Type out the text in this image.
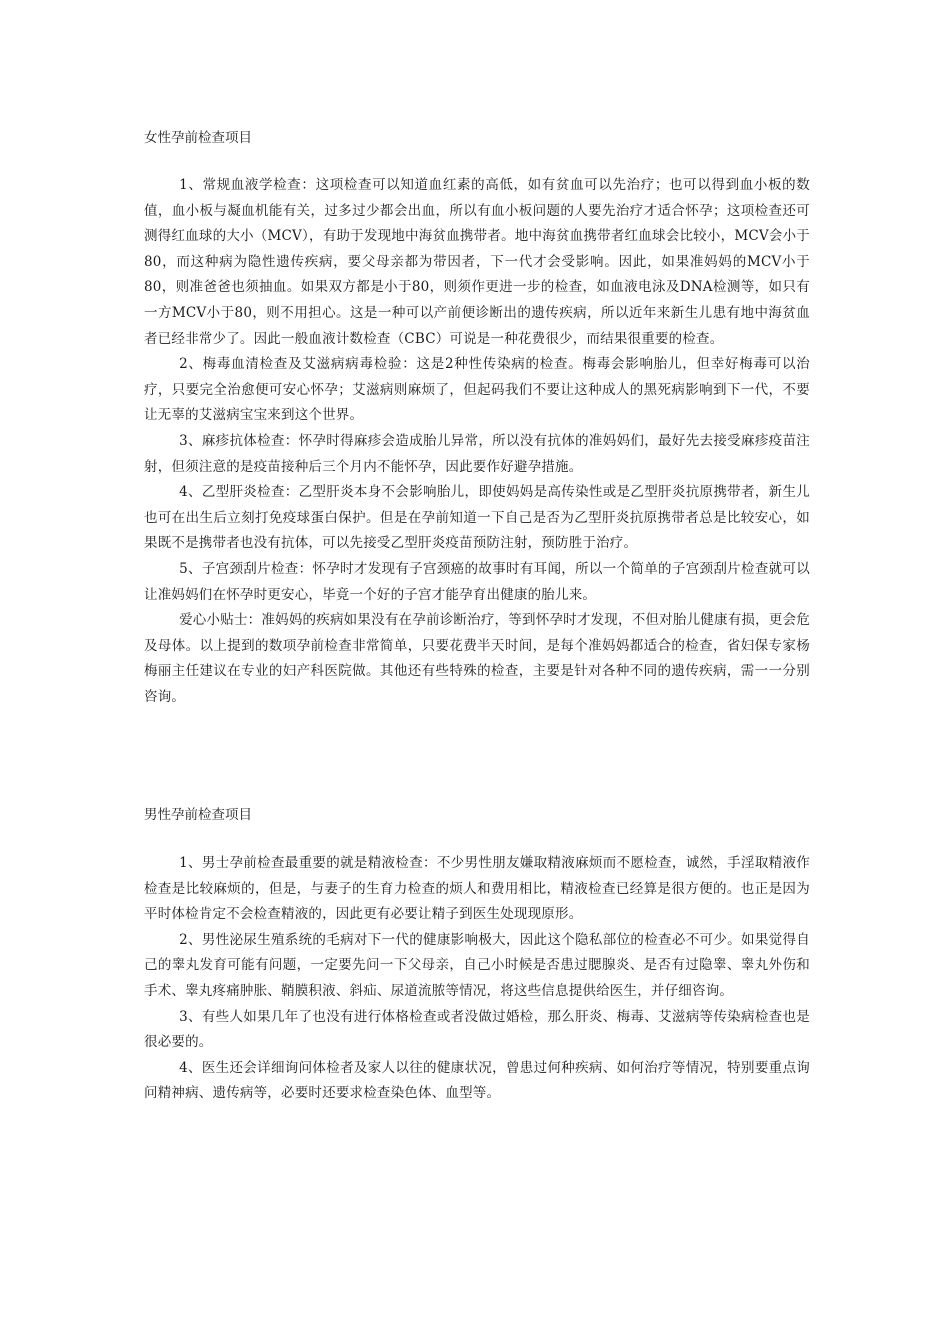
女性孕前检查项目

1、常规血液学检查：这项检查可以知道血红素的高低，如有贫血可以先治疗；也可以得到血小板的数值，血小板与凝血机能有关，过多过少都会出血，所以有血小板问题的人要先治疗才适合怀孕；这项检查还可测得红血球的大小（MCV），有助于发现地中海贫血携带者。地中海贫血携带者红血球会比较小，MCV会小于80，而这种病为隐性遗传疾病，要父母亲都为带因者，下一代才会受影响。因此，如果准妈妈的MCV小于80，则准爸爸也须抽血。如果双方都是小于80，则须作更进一步的检查，如血液电泳及DNA检测等，如只有一方MCV小于80，则不用担心。这是一种可以产前便诊断出的遗传疾病，所以近年来新生儿患有地中海贫血者已经非常少了。因此一般血液计数检查（CBC）可说是一种花费很少，而结果很重要的检查。

2、梅毒血清检查及艾滋病病毒检验：这是2种性传染病的检查。梅毒会影响胎儿，但幸好梅毒可以治疗，只要完全治愈便可安心怀孕；艾滋病则麻烦了，但起码我们不要让这种成人的黑死病影响到下一代，不要让无辜的艾滋病宝宝来到这个世界。

3、麻疹抗体检查：怀孕时得麻疹会造成胎儿异常，所以没有抗体的准妈妈们，最好先去接受麻疹疫苗注射，但须注意的是疫苗接种后三个月内不能怀孕，因此要作好避孕措施。

4、乙型肝炎检查：乙型肝炎本身不会影响胎儿，即使妈妈是高传染性或是乙型肝炎抗原携带者，新生儿也可在出生后立刻打免疫球蛋白保护。但是在孕前知道一下自己是否为乙型肝炎抗原携带者总是比较安心，如果既不是携带者也没有抗体，可以先接受乙型肝炎疫苗预防注射，预防胜于治疗。

5、子宫颈刮片检查：怀孕时才发现有子宫颈癌的故事时有耳闻，所以一个简单的子宫颈刮片检查就可以让准妈妈们在怀孕时更安心，毕竟一个好的子宫才能孕育出健康的胎儿来。

爱心小贴士：准妈妈的疾病如果没有在孕前诊断治疗，等到怀孕时才发现，不但对胎儿健康有损，更会危及母体。以上提到的数项孕前检查非常简单，只要花费半天时间，是每个准妈妈都适合的检查，省妇保专家杨梅丽主任建议在专业的妇产科医院做。其他还有些特殊的检查，主要是针对各种不同的遗传疾病，需一一分别咨询。

男性孕前检查项目

1、男士孕前检查最重要的就是精液检查：不少男性朋友嫌取精液麻烦而不愿检查，诚然，手淫取精液作检查是比较麻烦的，但是，与妻子的生育力检查的烦人和费用相比，精液检查已经算是很方便的。也正是因为平时体检肯定不会检查精液的，因此更有必要让精子到医生处现现原形。

2、男性泌尿生殖系统的毛病对下一代的健康影响极大，因此这个隐私部位的检查必不可少。如果觉得自己的睾丸发育可能有问题，一定要先问一下父母亲，自己小时候是否患过腮腺炎、是否有过隐睾、睾丸外伤和手术、睾丸疼痛肿胀、鞘膜积液、斜疝、尿道流脓等情况，将这些信息提供给医生，并仔细咨询。

3、有些人如果几年了也没有进行体格检查或者没做过婚检，那么肝炎、梅毒、艾滋病等传染病检查也是很必要的。

4、医生还会详细询问体检者及家人以往的健康状况，曾患过何种疾病、如何治疗等情况，特别要重点询问精神病、遗传病等，必要时还要求检查染色体、血型等。
